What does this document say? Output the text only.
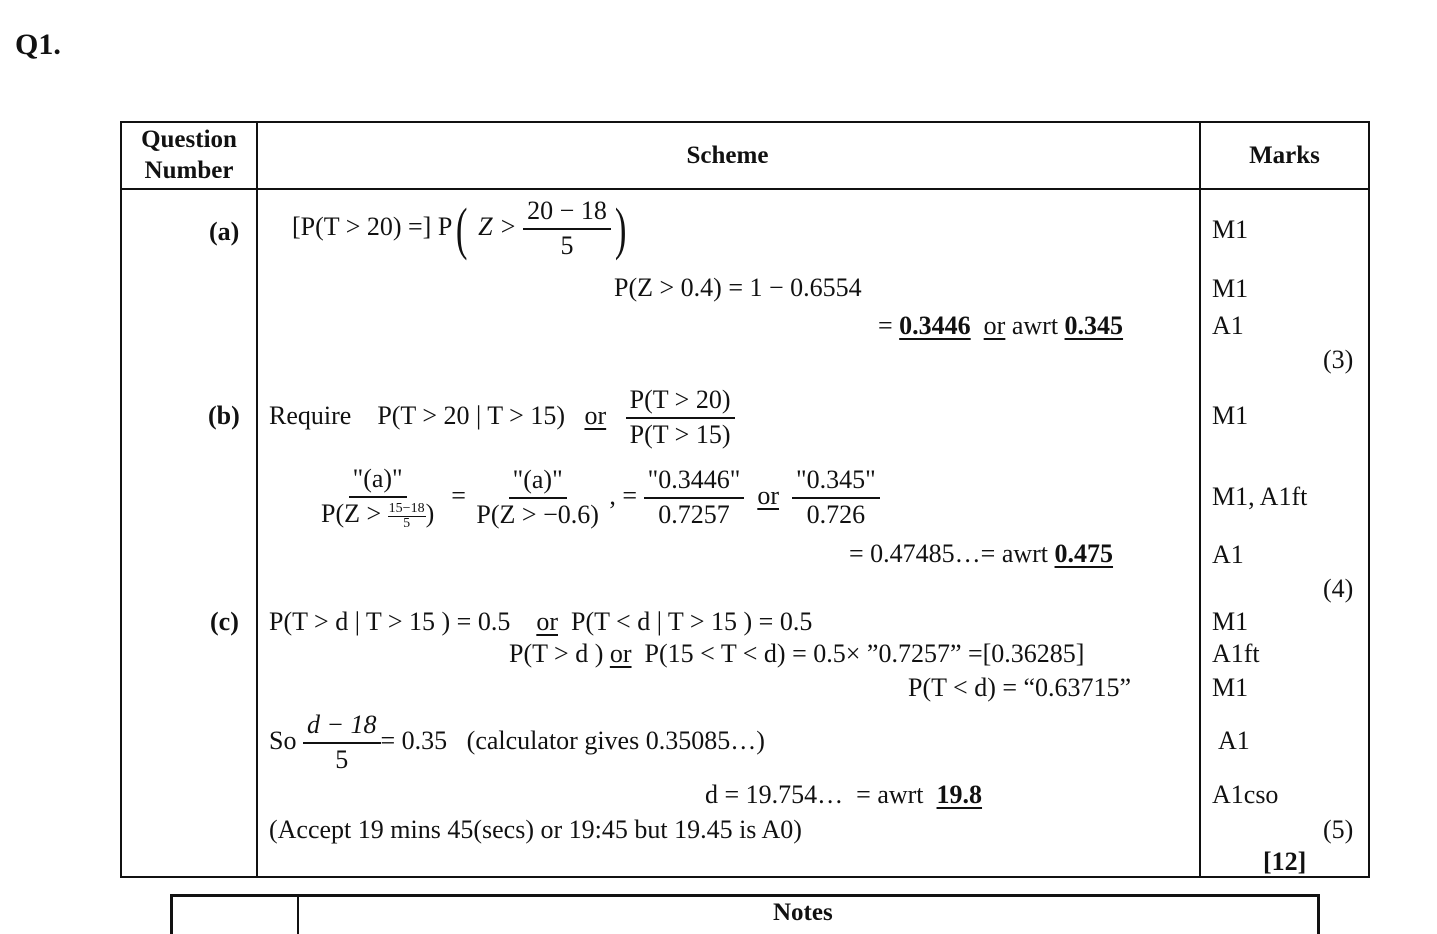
Q1.
Question
Number
Scheme	Marks
(a) [P(T > 20) =] P( $Z > \frac{20 - 18}{5}$ )
P(Z > 0.4) = 1 − 0.6554
= 0.3446 or awrt 0.345
M1
M1
A1
(3)
(b) Require P(T > 20 | T > 15) or $\frac{P(T > 20)}{P(T > 15)}$
$\frac{"(a)"}{P(Z > \frac{15-18}{5} )} = \frac{"(a)"}{P(Z > -0.6)}$ , = $\frac{"0.3446"}{0.7257}$ or $\frac{"0.345"}{0.726}$
= 0.47485…= awrt 0.475
M1
M1, A1ft
A1
(4)
(c) P(T > d | T > 15 ) = 0.5 or P(T < d | T > 15 ) = 0.5
P(T > d ) or P(15 < T < d) = 0.5× ”0.7257” =[0.36285]
P(T < d) = “0.63715”
So $\frac{d - 18}{5} = 0.35$   (calculator gives 0.35085…)
d = 19.754…  = awrt  19.8
(Accept 19 mins 45(secs) or 19:45 but 19.45 is A0)
M1
A1ft
M1
A1
A1cso
(5)
[12]
Notes
